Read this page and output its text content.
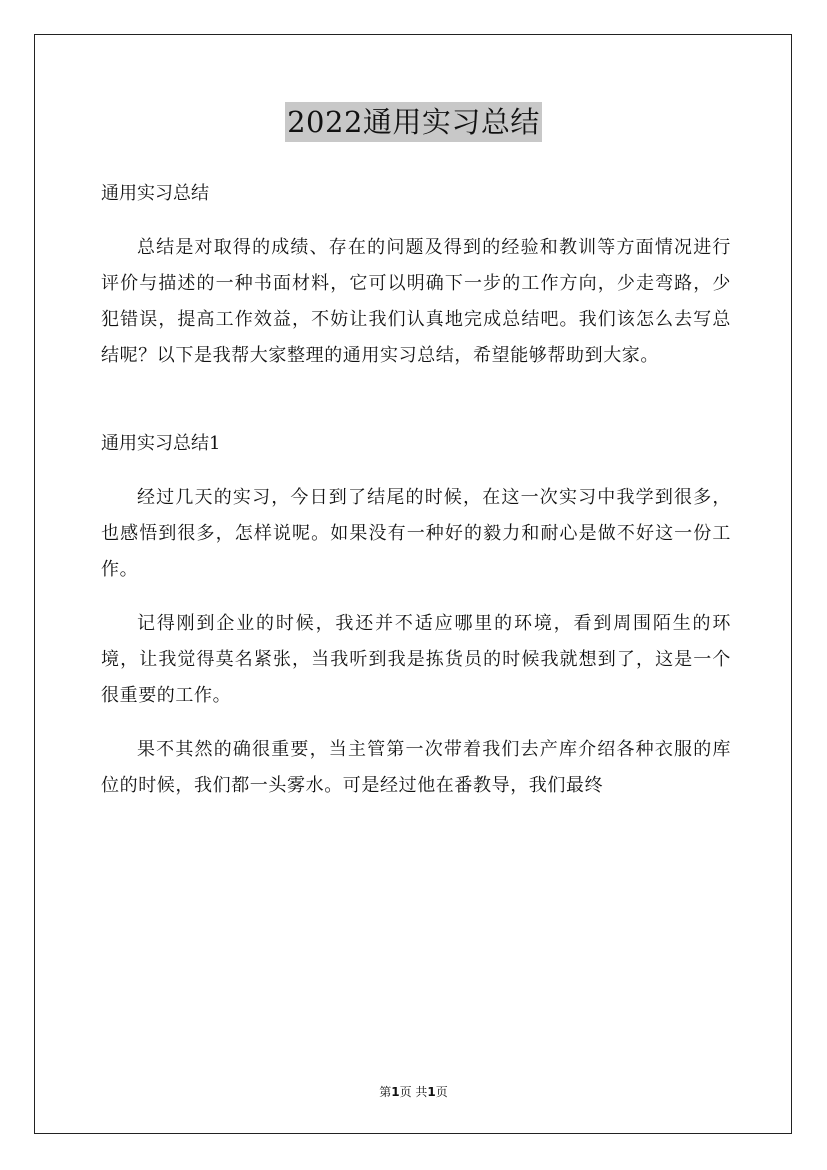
2022通用实习总结

通用实习总结

总结是对取得的成绩、存在的问题及得到的经验和教训等方面情况进行评价与描述的一种书面材料，它可以明确下一步的工作方向，少走弯路，少犯错误，提高工作效益，不妨让我们认真地完成总结吧。我们该怎么去写总结呢？以下是我帮大家整理的通用实习总结，希望能够帮助到大家。

通用实习总结1

经过几天的实习，今日到了结尾的时候，在这一次实习中我学到很多，也感悟到很多，怎样说呢。如果没有一种好的毅力和耐心是做不好这一份工作。

记得刚到企业的时候，我还并不适应哪里的环境，看到周围陌生的环境，让我觉得莫名紧张，当我听到我是拣货员的时候我就想到了，这是一个很重要的工作。

果不其然的确很重要，当主管第一次带着我们去产库介绍各种衣服的库位的时候，我们都一头雾水。可是经过他在番教导，我们最终

第1页 共1页
